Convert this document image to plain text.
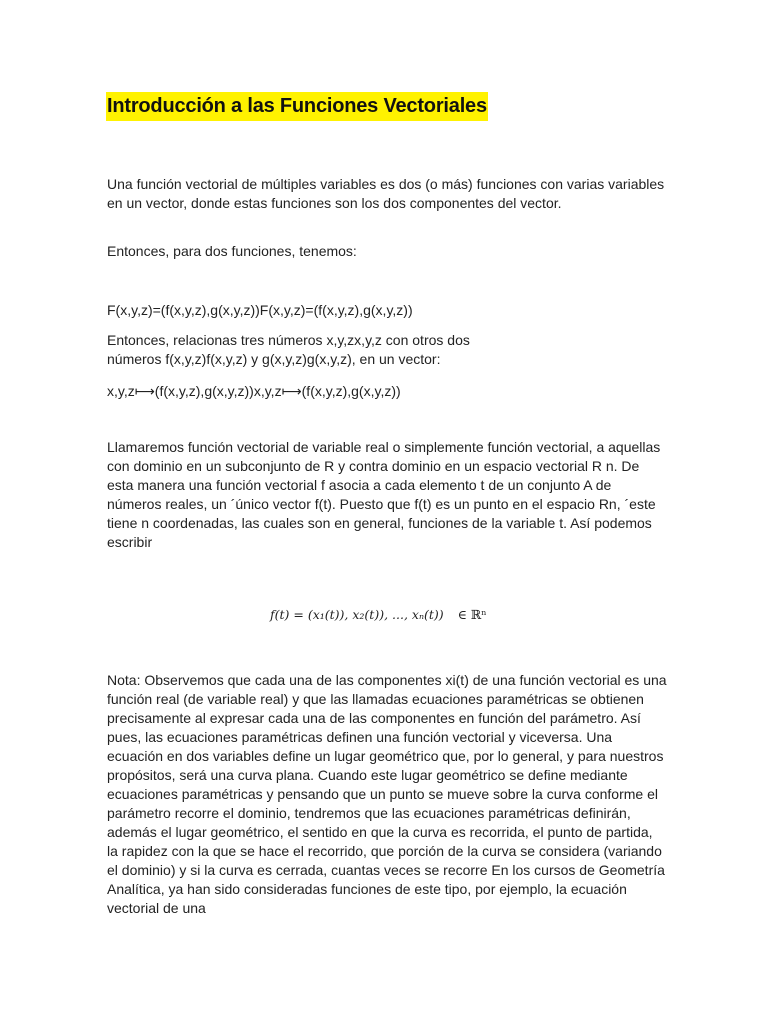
Introducción a las Funciones Vectoriales

Una función vectorial de múltiples variables es dos (o más) funciones con varias variables en un vector, donde estas funciones son los dos componentes del vector.

Entonces, para dos funciones, tenemos:

F(x,y,z)=(f(x,y,z),g(x,y,z))F(x,y,z)=(f(x,y,z),g(x,y,z))

Entonces, relacionas tres números x,y,zx,y,z con otros dos

números f(x,y,z)f(x,y,z) y g(x,y,z)g(x,y,z), en un vector:

x,y,z⟼(f(x,y,z),g(x,y,z))x,y,z⟼(f(x,y,z),g(x,y,z))

Llamaremos función vectorial de variable real o simplemente función vectorial, a aquellas con dominio en un subconjunto de R y contra dominio en un espacio vectorial R n. De esta manera una función vectorial f asocia a cada elemento t de un conjunto A de números reales, un ´único vector f(t). Puesto que f(t) es un punto en el espacio Rn, ´este tiene n coordenadas, las cuales son en general, funciones de la variable t. Así podemos escribir

f(t) = (x₁(t)), x₂(t)), ..., xₙ(t)) ∈ ℝⁿ

Nota: Observemos que cada una de las componentes xi(t) de una función vectorial es una función real (de variable real) y que las llamadas ecuaciones paramétricas se obtienen precisamente al expresar cada una de las componentes en función del parámetro. Así pues, las ecuaciones paramétricas definen una función vectorial y viceversa. Una ecuación en dos variables define un lugar geométrico que, por lo general, y para nuestros propósitos, será una curva plana. Cuando este lugar geométrico se define mediante ecuaciones paramétricas y pensando que un punto se mueve sobre la curva conforme el parámetro recorre el dominio, tendremos que las ecuaciones paramétricas definirán, además el lugar geométrico, el sentido en que la curva es recorrida, el punto de partida, la rapidez con la que se hace el recorrido, que porción de la curva se considera (variando el dominio) y si la curva es cerrada, cuantas veces se recorre En los cursos de Geometría Analítica, ya han sido consideradas funciones de este tipo, por ejemplo, la ecuación vectorial de una
